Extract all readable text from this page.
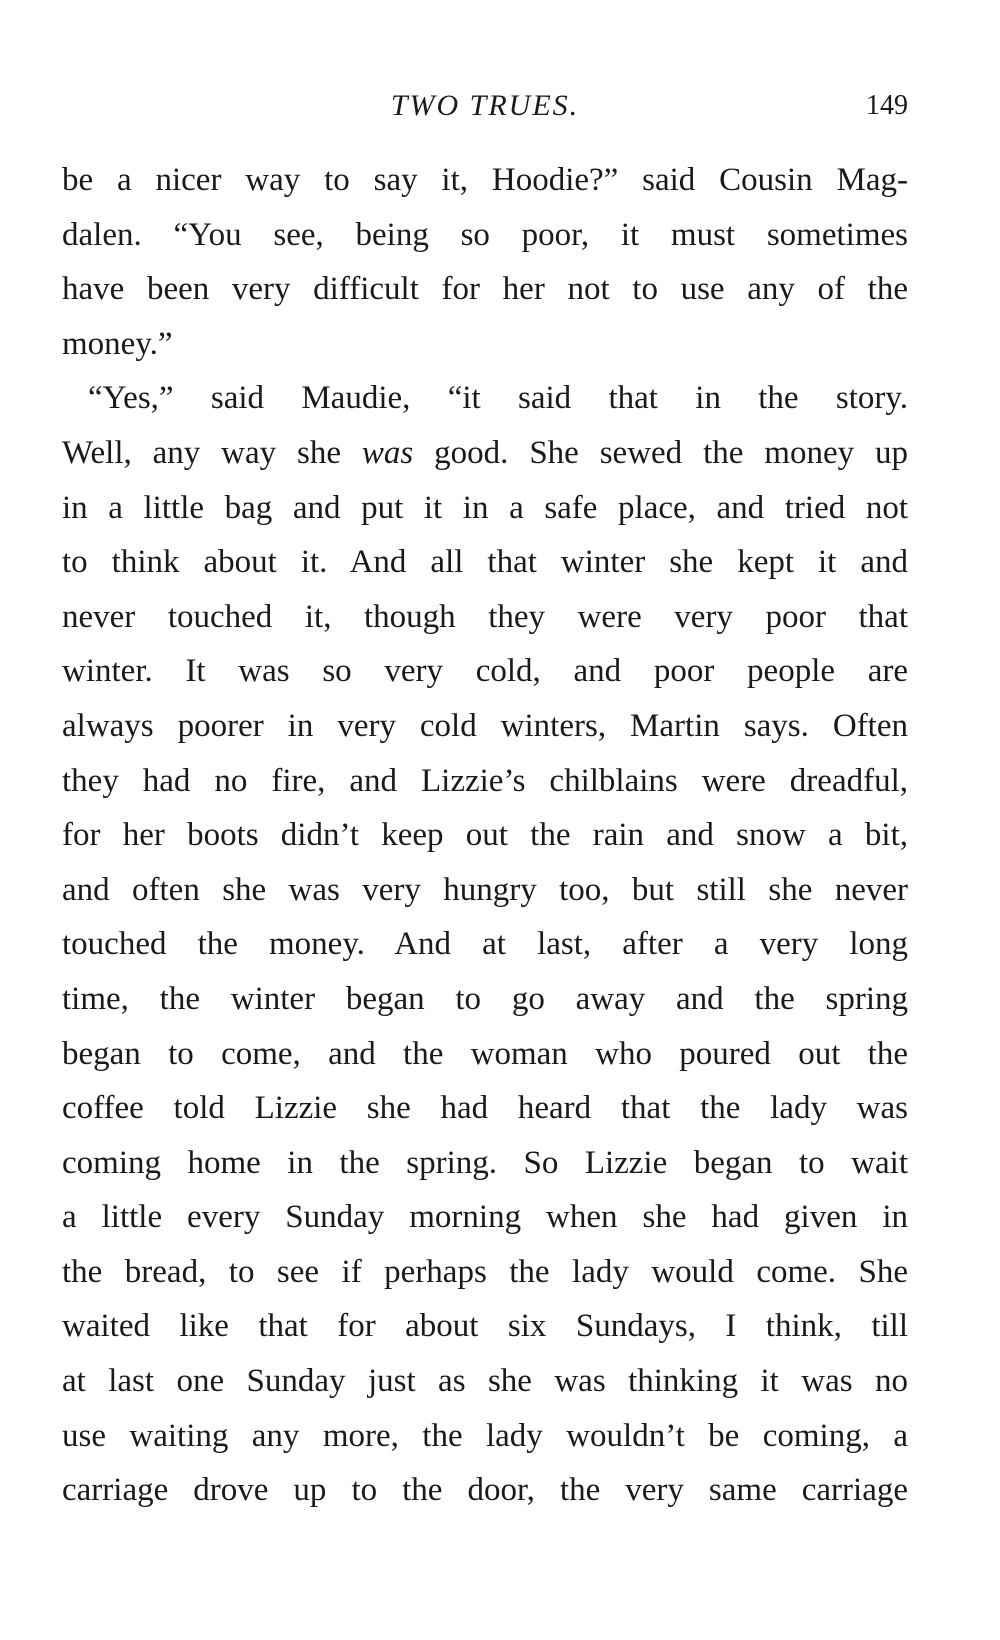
TWO TRUES.	149
be a nicer way to say it, Hoodie?” said Cousin Mag-
dalen. “You see, being so poor, it must sometimes
have been very difficult for her not to use any of the
money.”
“Yes,” said Maudie, “it said that in the story.
Well, any way she was good. She sewed the money up
in a little bag and put it in a safe place, and tried not
to think about it. And all that winter she kept it and
never touched it, though they were very poor that
winter. It was so very cold, and poor people are
always poorer in very cold winters, Martin says. Often
they had no fire, and Lizzie’s chilblains were dreadful,
for her boots didn’t keep out the rain and snow a bit,
and often she was very hungry too, but still she never
touched the money. And at last, after a very long
time, the winter began to go away and the spring
began to come, and the woman who poured out the
coffee told Lizzie she had heard that the lady was
coming home in the spring. So Lizzie began to wait
a little every Sunday morning when she had given in
the bread, to see if perhaps the lady would come. She
waited like that for about six Sundays, I think, till
at last one Sunday just as she was thinking it was no
use waiting any more, the lady wouldn’t be coming, a
carriage drove up to the door, the very same carriage
